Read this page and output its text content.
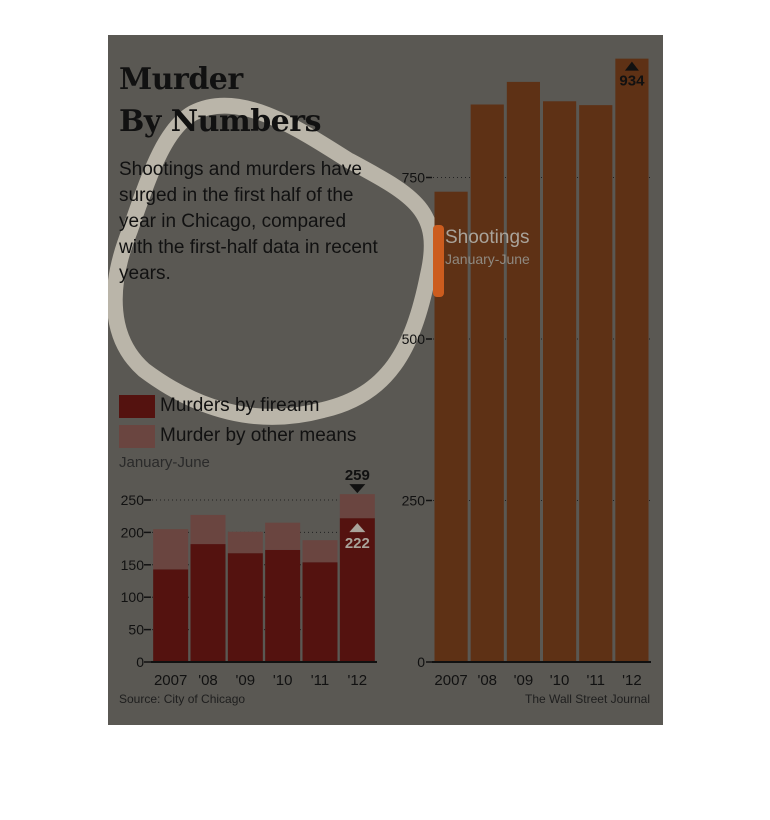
0
250
500
750
2007 '08 '09 '10 '11 '12
Shootings
January-June
934
0
50
100
150
200
250
2007 '08 '09 '10 '11 '12
259
222
Murder
By Numbers

Shootings and murders have surged in the first half of the year in Chicago, compared with the first-half data in recent years.

Murders by firearm
Murder by other means
January-June
Source: City of Chicago	The Wall Street Journal
